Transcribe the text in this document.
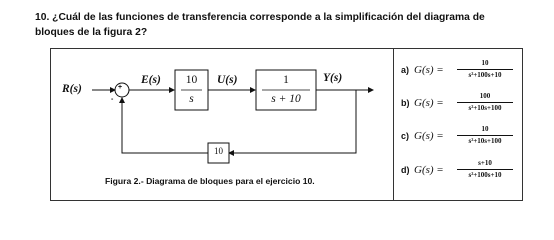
10. ¿Cuál de las funciones de transferencia corresponde a la simplificación del diagrama de
bloques de la figura 2?
R(s)	+
-
E(s)	10
s
U(s)	1
s + 10
Y(s)
10
Figura 2.- Diagrama de bloques para el ejercicio 10.
a) G(s) =
10
s²+100s+10
b) G(s) =
100
s²+10s+100
c) G(s) =
10
s²+10s+100
d) G(s) =
s+10
s²+100s+10
